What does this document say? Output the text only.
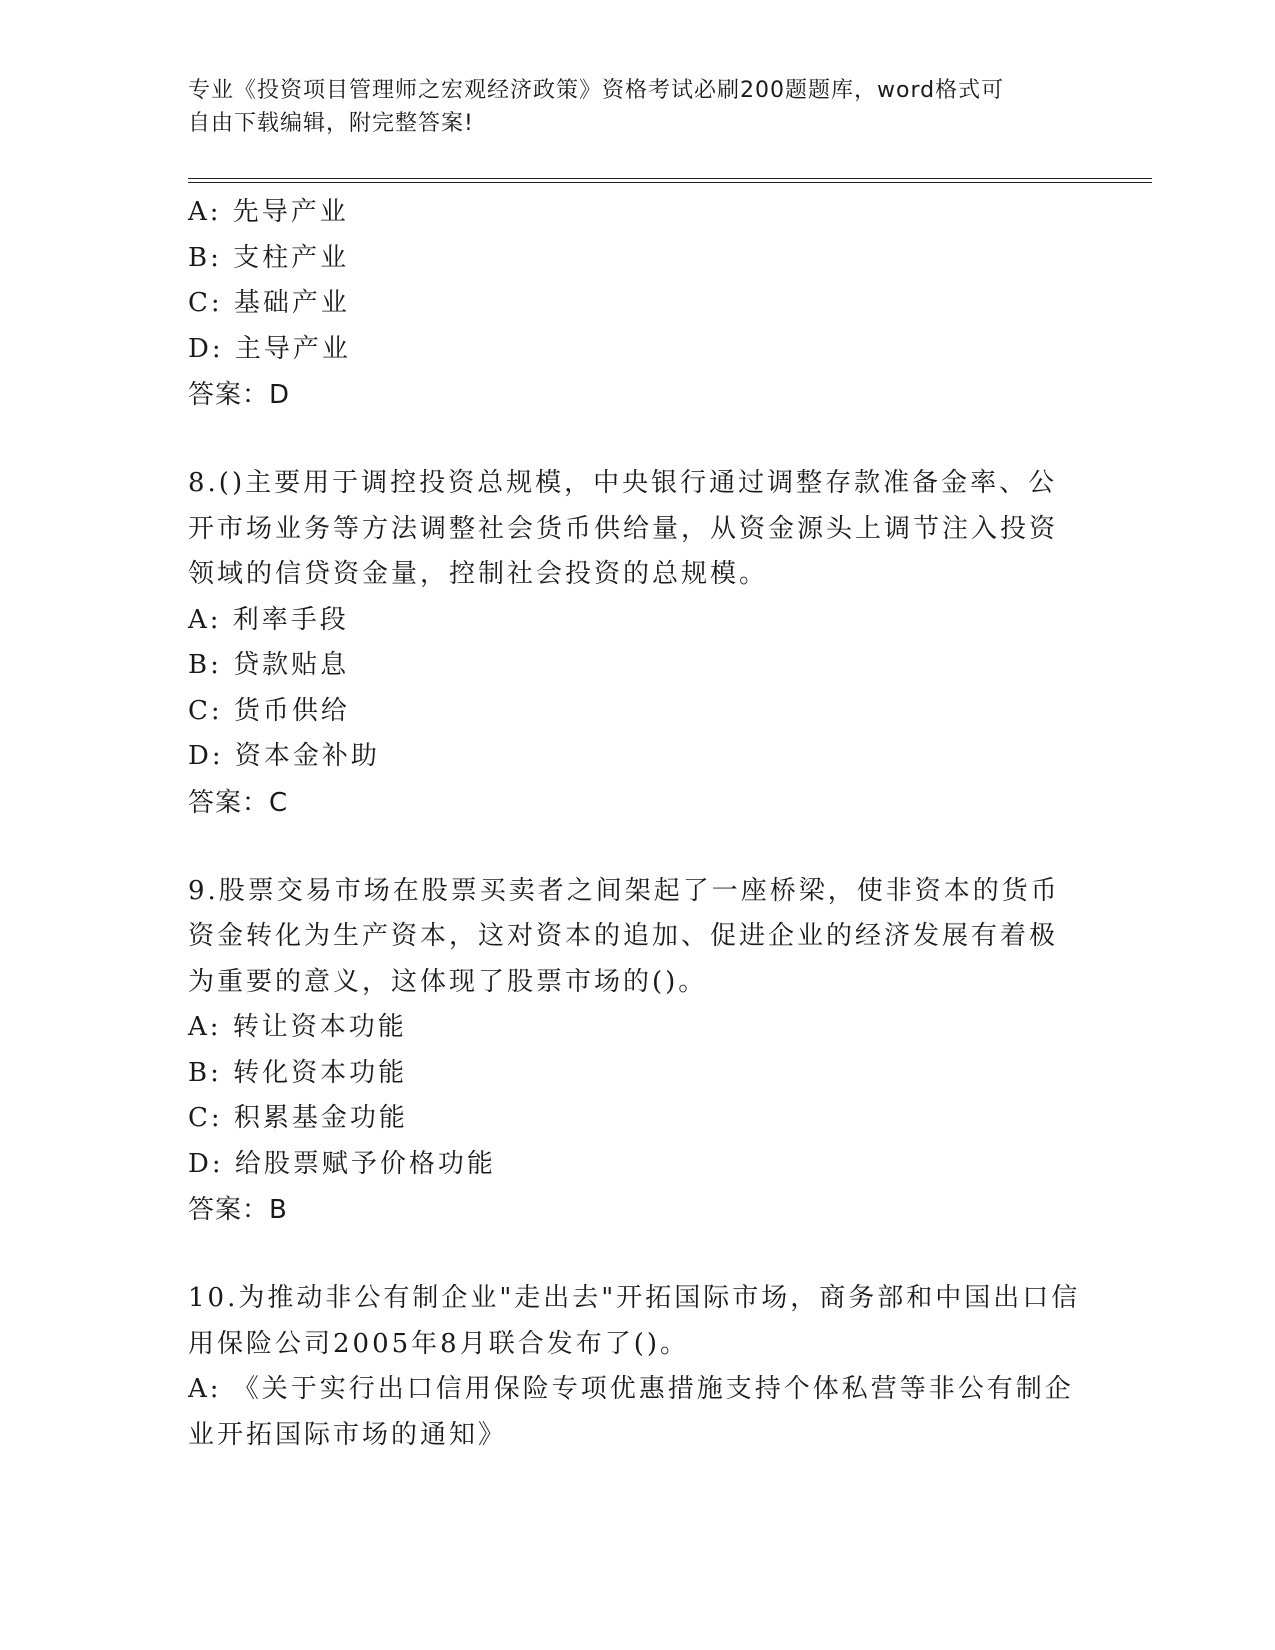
专业《投资项目管理师之宏观经济政策》资格考试必刷200题题库，word格式可
自由下载编辑，附完整答案!
A: 先导产业
B: 支柱产业
C: 基础产业
D: 主导产业
答案：D
8.()主要用于调控投资总规模，中央银行通过调整存款准备金率、公
开市场业务等方法调整社会货币供给量，从资金源头上调节注入投资
领域的信贷资金量，控制社会投资的总规模。
A: 利率手段
B: 贷款贴息
C: 货币供给
D: 资本金补助
答案：C
9.股票交易市场在股票买卖者之间架起了一座桥梁，使非资本的货币
资金转化为生产资本，这对资本的追加、促进企业的经济发展有着极
为重要的意义，这体现了股票市场的()。
A: 转让资本功能
B: 转化资本功能
C: 积累基金功能
D: 给股票赋予价格功能
答案：B
10.为推动非公有制企业"走出去"开拓国际市场，商务部和中国出口信
用保险公司2005年8月联合发布了()。
A: 《关于实行出口信用保险专项优惠措施支持个体私营等非公有制企
业开拓国际市场的通知》
